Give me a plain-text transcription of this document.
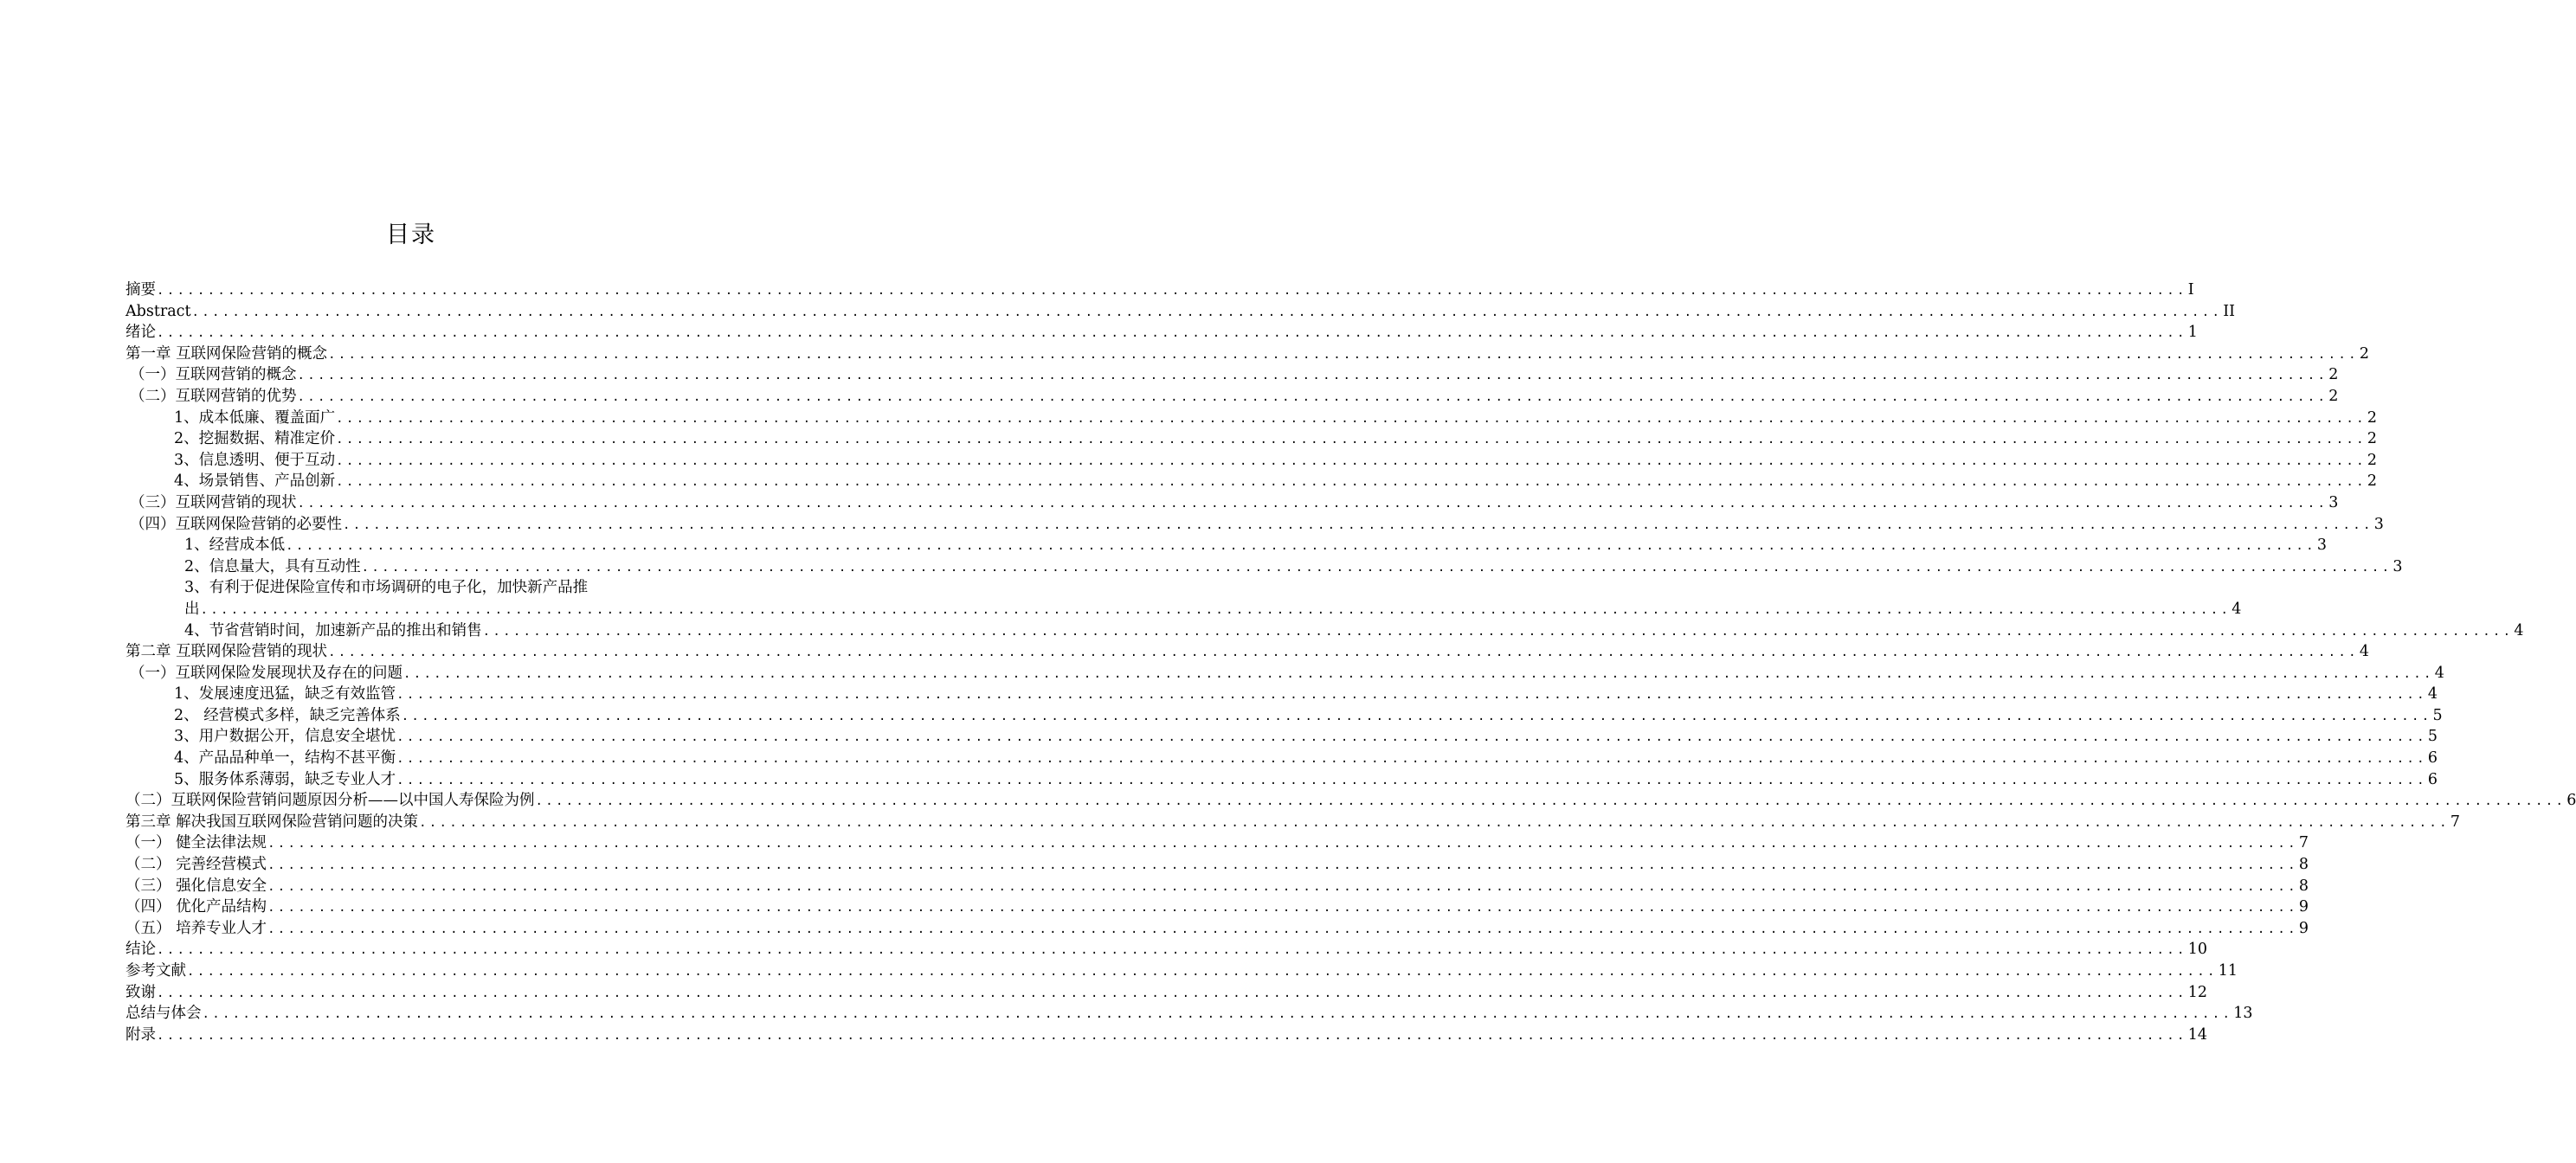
目录
摘要 ........................................................................................................................................................................................................ I
Abstract ........................................................................................................................................................................................................ II
绪论 ........................................................................................................................................................................................................ 1
第一章 互联网保险营销的概念 ........................................................................................................................................................................................................ 2
（一）互联网营销的概念 ........................................................................................................................................................................................................ 2
（二）互联网营销的优势 ........................................................................................................................................................................................................ 2
1、成本低廉、覆盖面广 ........................................................................................................................................................................................................ 2
2、挖掘数据、精准定价 ........................................................................................................................................................................................................ 2
3、信息透明、便于互动 ........................................................................................................................................................................................................ 2
4、场景销售、产品创新 ........................................................................................................................................................................................................ 2
（三）互联网营销的现状 ........................................................................................................................................................................................................ 3
（四）互联网保险营销的必要性 ........................................................................................................................................................................................................ 3
1、经营成本低 ........................................................................................................................................................................................................ 3
2、信息量大，具有互动性 ........................................................................................................................................................................................................ 3
3、有利于促进保险宣传和市场调研的电子化，加快新产品推
出 ........................................................................................................................................................................................................ 4
4、节省营销时间，加速新产品的推出和销售 ........................................................................................................................................................................................................ 4
第二章 互联网保险营销的现状 ........................................................................................................................................................................................................ 4
（一）互联网保险发展现状及存在的问题 ........................................................................................................................................................................................................ 4
1、发展速度迅猛，缺乏有效监管 ........................................................................................................................................................................................................ 4
2、 经营模式多样，缺乏完善体系 ........................................................................................................................................................................................................ 5
3、用户数据公开，信息安全堪忧 ........................................................................................................................................................................................................ 5
4、产品品种单一，结构不甚平衡 ........................................................................................................................................................................................................ 6
5、服务体系薄弱，缺乏专业人才 ........................................................................................................................................................................................................ 6
（二）互联网保险营销问题原因分析——以中国人寿保险为例 ........................................................................................................................................................................................................ 6
第三章 解决我国互联网保险营销问题的决策 ........................................................................................................................................................................................................ 7
（一） 健全法律法规 ........................................................................................................................................................................................................ 7
（二） 完善经营模式 ........................................................................................................................................................................................................ 8
（三） 强化信息安全 ........................................................................................................................................................................................................ 8
（四） 优化产品结构 ........................................................................................................................................................................................................ 9
（五） 培养专业人才 ........................................................................................................................................................................................................ 9
结论 ........................................................................................................................................................................................................ 10
参考文献 ........................................................................................................................................................................................................ 11
致谢 ........................................................................................................................................................................................................ 12
总结与体会 ........................................................................................................................................................................................................ 13
附录 ........................................................................................................................................................................................................ 14
